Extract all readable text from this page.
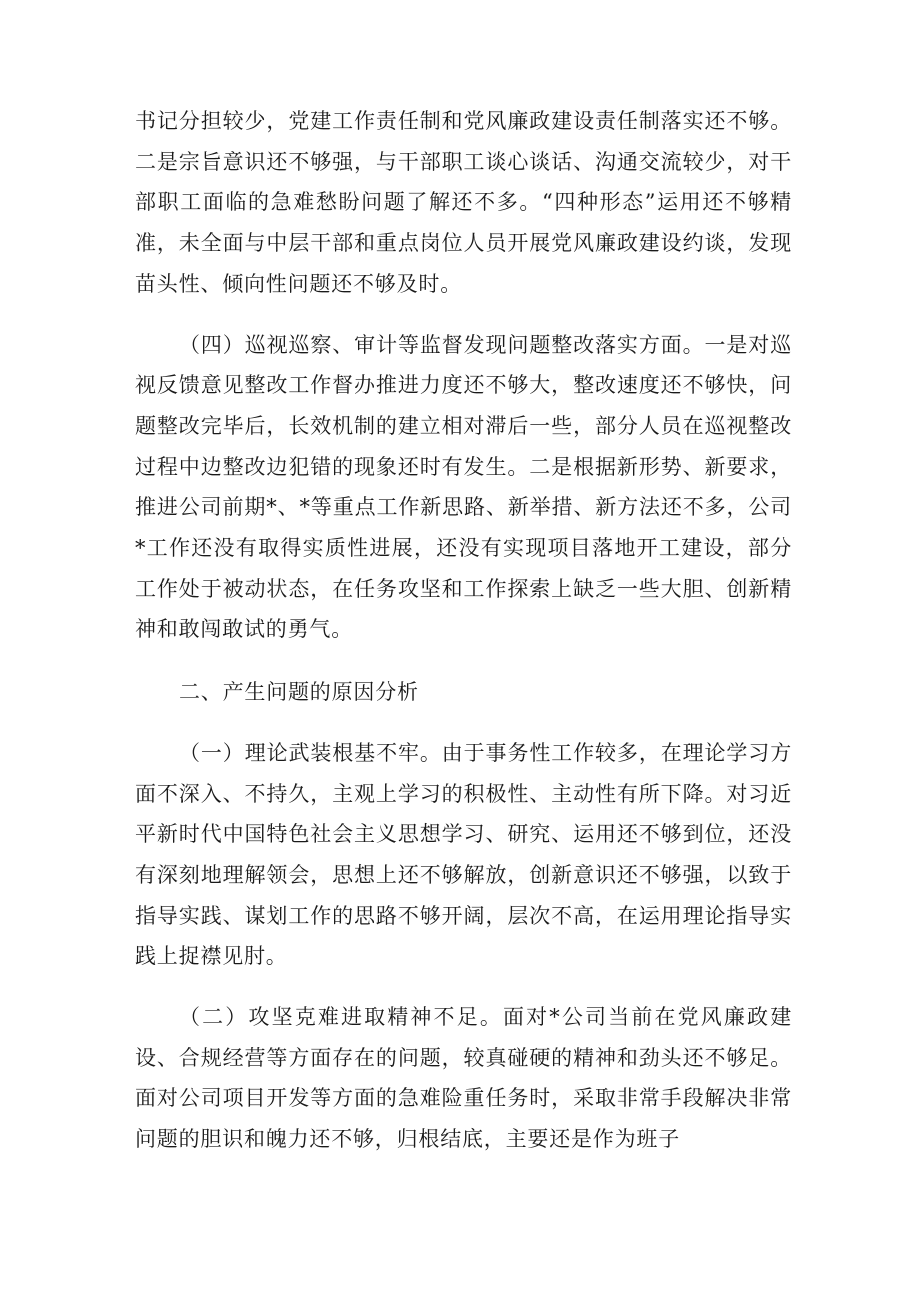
书记分担较少，党建工作责任制和党风廉政建设责任制落实还不够。二是宗旨意识还不够强，与干部职工谈心谈话、沟通交流较少，对干部职工面临的急难愁盼问题了解还不多。“四种形态”运用还不够精准，未全面与中层干部和重点岗位人员开展党风廉政建设约谈，发现苗头性、倾向性问题还不够及时。

（四）巡视巡察、审计等监督发现问题整改落实方面。一是对巡视反馈意见整改工作督办推进力度还不够大，整改速度还不够快，问题整改完毕后，长效机制的建立相对滞后一些，部分人员在巡视整改过程中边整改边犯错的现象还时有发生。二是根据新形势、新要求，推进公司前期*、*等重点工作新思路、新举措、新方法还不多，公司*工作还没有取得实质性进展，还没有实现项目落地开工建设，部分工作处于被动状态，在任务攻坚和工作探索上缺乏一些大胆、创新精神和敢闯敢试的勇气。

二、产生问题的原因分析

（一）理论武装根基不牢。由于事务性工作较多，在理论学习方面不深入、不持久，主观上学习的积极性、主动性有所下降。对习近平新时代中国特色社会主义思想学习、研究、运用还不够到位，还没有深刻地理解领会，思想上还不够解放，创新意识还不够强，以致于指导实践、谋划工作的思路不够开阔，层次不高，在运用理论指导实践上捉襟见肘。

（二）攻坚克难进取精神不足。面对*公司当前在党风廉政建设、合规经营等方面存在的问题，较真碰硬的精神和劲头还不够足。面对公司项目开发等方面的急难险重任务时，采取非常手段解决非常问题的胆识和魄力还不够，归根结底，主要还是作为班子
